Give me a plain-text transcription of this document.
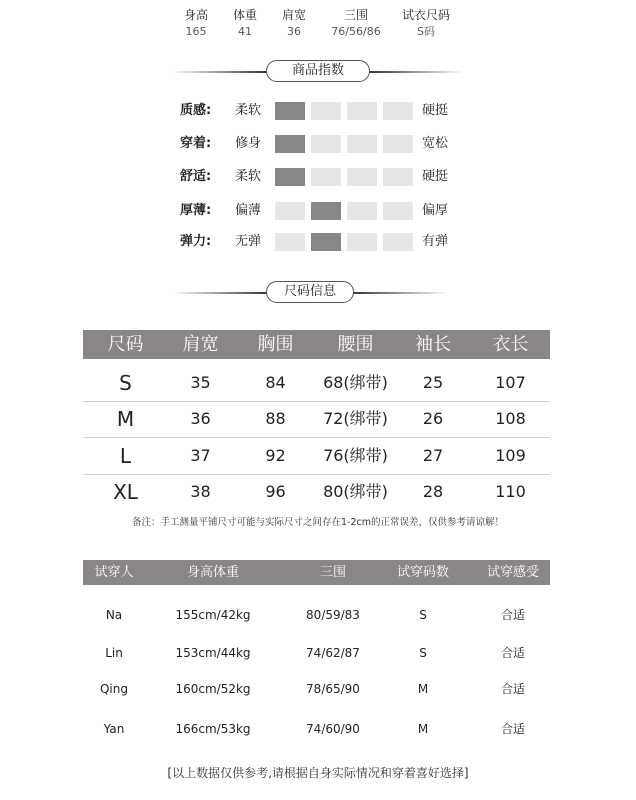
身高	体重	肩宽	三围	试衣尺码
165	41	36	76/56/86	S码
商品指数
质感: 柔软	硬挺
穿着: 修身	宽松
舒适: 柔软	硬挺
厚薄: 偏薄	偏厚
弹力: 无弹	有弹
尺码信息
尺码	肩宽	胸围	腰围	袖长	衣长
S	35	84	68(绑带)	25	107
M	36	88	72(绑带)	26	108
L	37	92	76(绑带)	27	109
XL	38	96	80(绑带)	28	110
备注：手工测量平铺尺寸可能与实际尺寸之间存在1-2cm的正常误差，仅供参考请谅解！
试穿人	身高体重	三围	试穿码数	试穿感受
Na	155cm/42kg	80/59/83	S	合适
Lin	153cm/44kg	74/62/87	S	合适
Qing	160cm/52kg	78/65/90	M	合适
Yan	166cm/53kg	74/60/90	M	合适
[以上数据仅供参考,请根据自身实际情况和穿着喜好选择]
